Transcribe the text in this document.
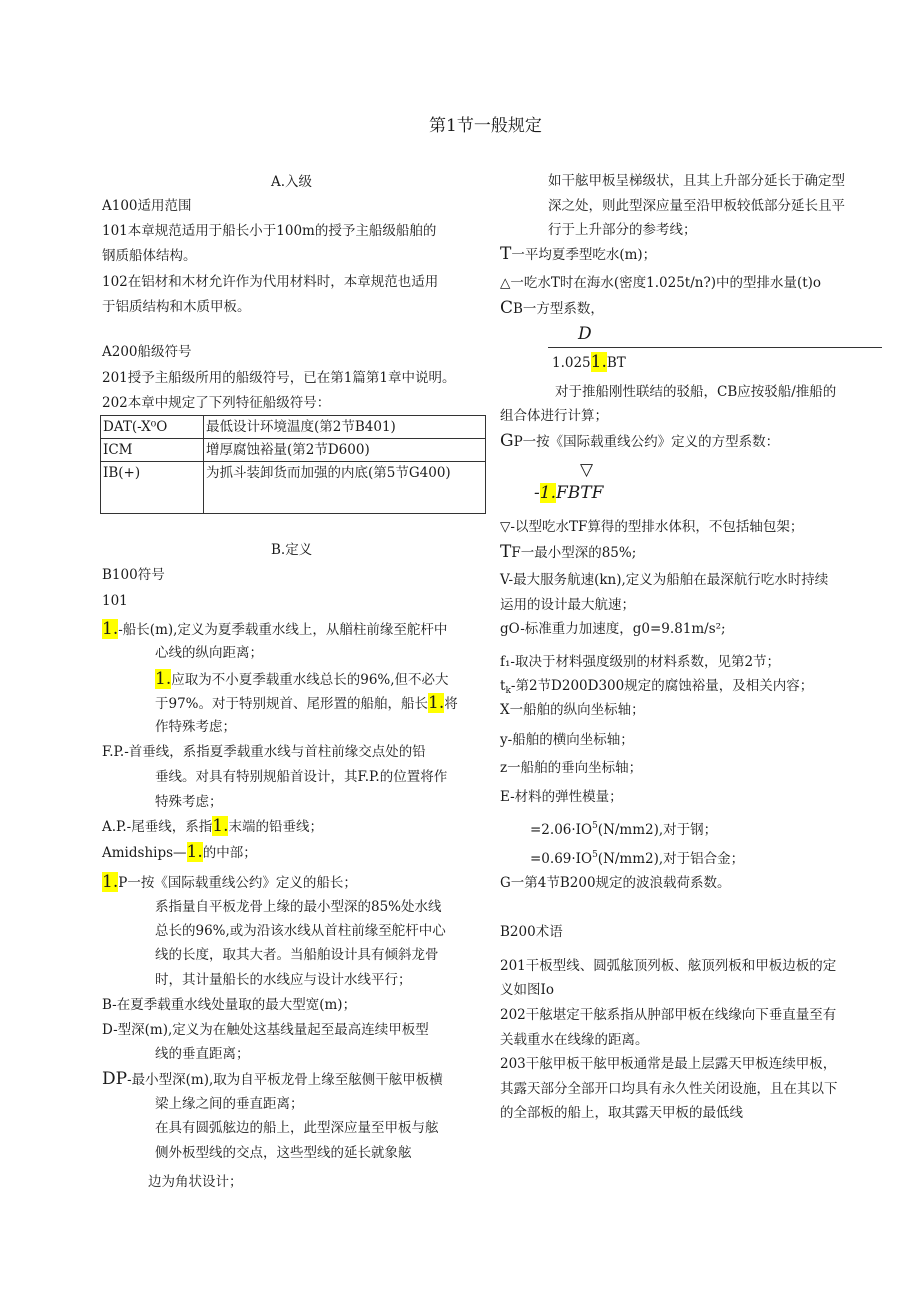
第1节一般规定
A.入级
A100适用范围
101本章规范适用于船长小于100m的授予主船级船舶的
钢质船体结构。
102在铝材和木材允许作为代用材料时，本章规范也适用
于铝质结构和木质甲板。
A200船级符号
201授予主船级所用的船级符号，已在第1篇第1章中说明。
202本章中规定了下列特征船级符号：
DAT(-X⁰O	最低设计环境温度(第2节B401)
ICM	增厚腐蚀裕量(第2节D600)
IB(+)	为抓斗装卸货而加强的内底(第5节G400)
B.定义
B100符号
101
1.-船长(m),定义为夏季载重水线上，从艏柱前缘至舵杆中
心线的纵向距离；
1.应取为不小夏季载重水线总长的96%,但不必大
于97%。对于特别规首、尾形置的船舶，船长1.将
作特殊考虑；
F.P.-首垂线，系指夏季载重水线与首柱前缘交点处的铅
垂线。对具有特别规船首设计，其F.P.的位置将作
特殊考虑；
A.P.-尾垂线，系指1.末端的铅垂线；
Amidships—1.的中部；
1.P一按《国际载重线公约》定义的船长；
系指量自平板龙骨上缘的最小型深的85%处水线
总长的96%,或为沿该水线从首柱前缘至舵杆中心
线的长度，取其大者。当船舶设计具有倾斜龙骨
时，其计量船长的水线应与设计水线平行；
B-在夏季载重水线处量取的最大型宽(m)；
D-型深(m),定义为在触处这基线量起至最高连续甲板型
线的垂直距离；
DP-最小型深(m),取为自平板龙骨上缘至舷侧干舷甲板横
梁上缘之间的垂直距离；
在具有圆弧舷边的船上，此型深应量至甲板与舷
侧外板型线的交点，这些型线的延长就象舷
边为角状设计；
如干舷甲板呈梯级状，且其上升部分延长于确定型
深之处，则此型深应量至沿甲板较低部分延长且平
行于上升部分的参考线；
T一平均夏季型吃水(m)；
△一吃水T时在海水(密度1.025t/n?)中的型排水量(t)o
CB一方型系数，
D
1.0251.BT
对于推船刚性联结的驳船，CB应按驳船/推船的
组合体进行计算；
GP一按《国际载重线公约》定义的方型系数：
▽
-1.FBTF
▽-以型吃水TF算得的型排水体积，不包括轴包架；
TF一最小型深的85%;
V-最大服务航速(kn),定义为船舶在最深航行吃水时持续
运用的设计最大航速；
gO-标准重力加速度，g0=9.81m/s²;
f₁-取决于材料强度级别的材料系数，见第2节；
$t_k-$第2节D200D300规定的腐蚀裕量，及相关内容；
X一船舶的纵向坐标轴；
y-船舶的横向坐标轴；
z一船舶的垂向坐标轴；
E-材料的弹性模量；
$=2.06\cdot IO^5(N/mm2)$,对于钢；
$=0.69\cdot IO^5(N/mm2)$,对于铝合金；
G一第4节B200规定的波浪载荷系数。
B200术语
201干板型线、圆弧舷顶列板、舷顶列板和甲板边板的定
义如图Io
202干舷堪定干舷系指从肿部甲板在线缘向下垂直量至有
关载重水在线缘的距离。
203干舷甲板干舷甲板通常是最上层露天甲板连续甲板，
其露天部分全部开口均具有永久性关闭设施，且在其以下
的全部板的船上，取其露天甲板的最低线
